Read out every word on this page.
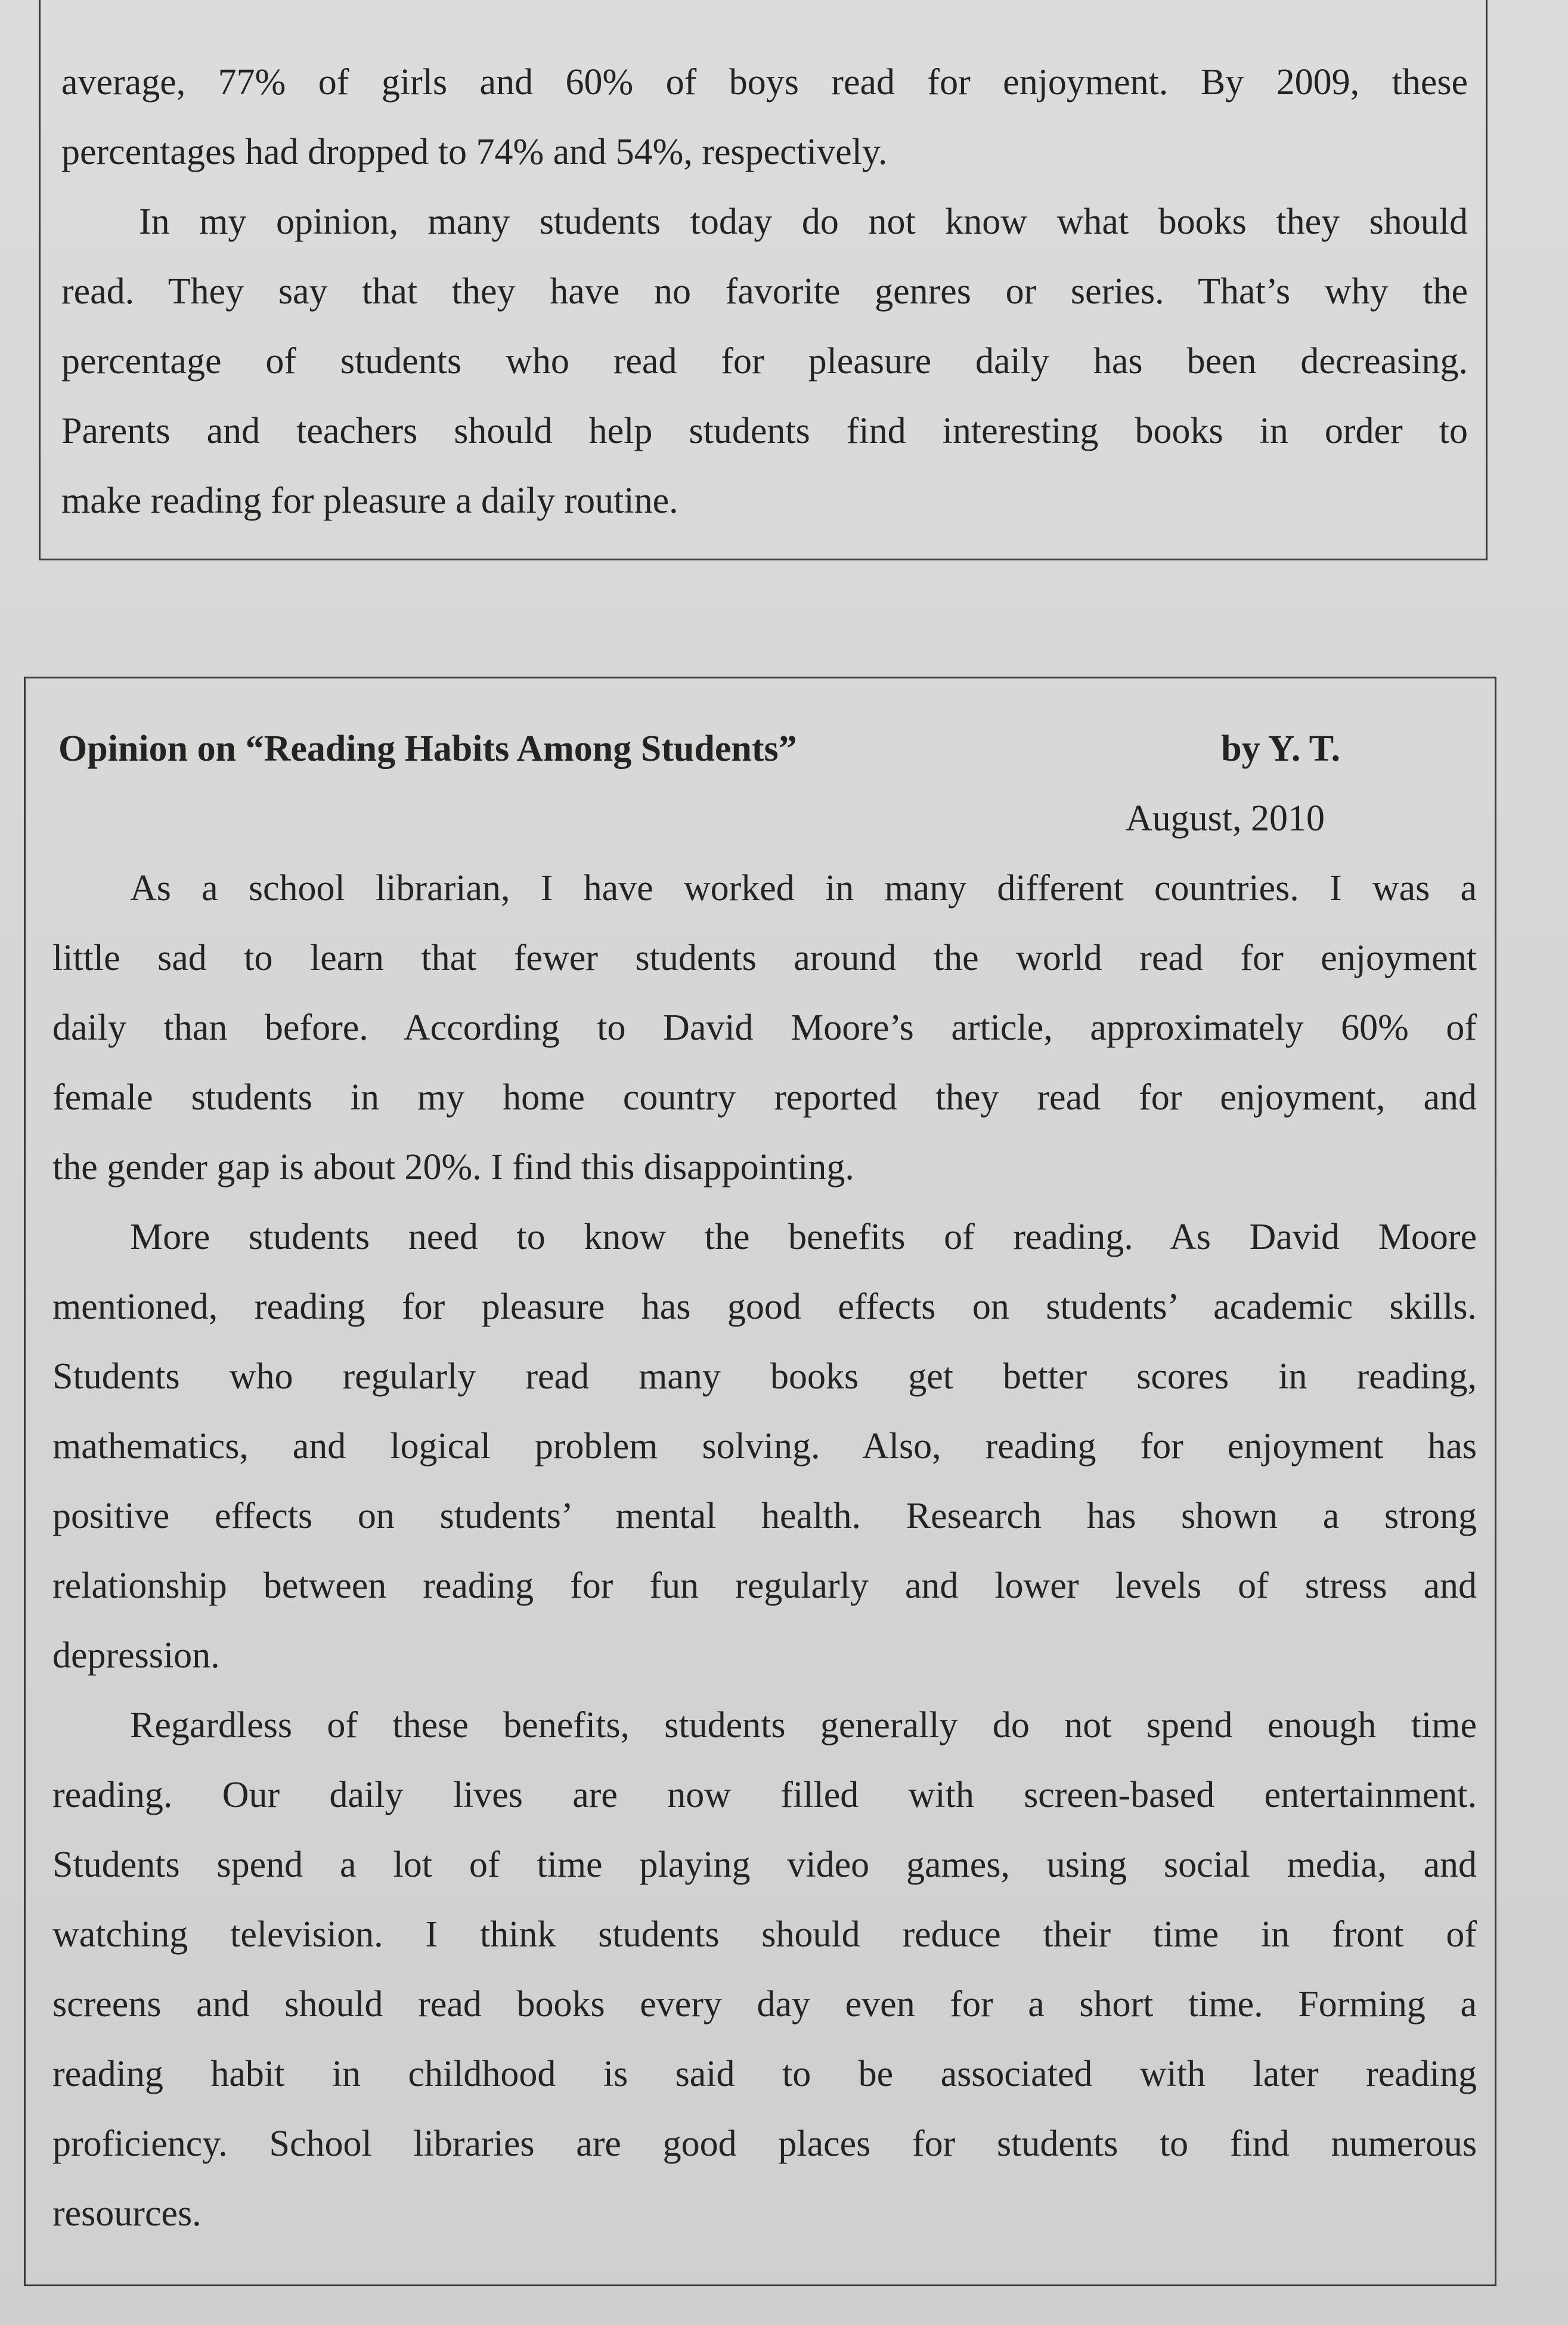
average, 77% of girls and 60% of boys read for enjoyment. By 2009, these
percentages had dropped to 74% and 54%, respectively.
In my opinion, many students today do not know what books they should
read. They say that they have no favorite genres or series. That’s why the
percentage of students who read for pleasure daily has been decreasing.
Parents and teachers should help students find interesting books in order to
make reading for pleasure a daily routine.
Opinion on “Reading Habits Among Students”	by Y. T.
August, 2010
As a school librarian, I have worked in many different countries. I was a
little sad to learn that fewer students around the world read for enjoyment
daily than before. According to David Moore’s article, approximately 60% of
female students in my home country reported they read for enjoyment, and
the gender gap is about 20%. I find this disappointing.
More students need to know the benefits of reading. As David Moore
mentioned, reading for pleasure has good effects on students’ academic skills.
Students who regularly read many books get better scores in reading,
mathematics, and logical problem solving. Also, reading for enjoyment has
positive effects on students’ mental health. Research has shown a strong
relationship between reading for fun regularly and lower levels of stress and
depression.
Regardless of these benefits, students generally do not spend enough time
reading. Our daily lives are now filled with screen-based entertainment.
Students spend a lot of time playing video games, using social media, and
watching television. I think students should reduce their time in front of
screens and should read books every day even for a short time. Forming a
reading habit in childhood is said to be associated with later reading
proficiency. School libraries are good places for students to find numerous
resources.
